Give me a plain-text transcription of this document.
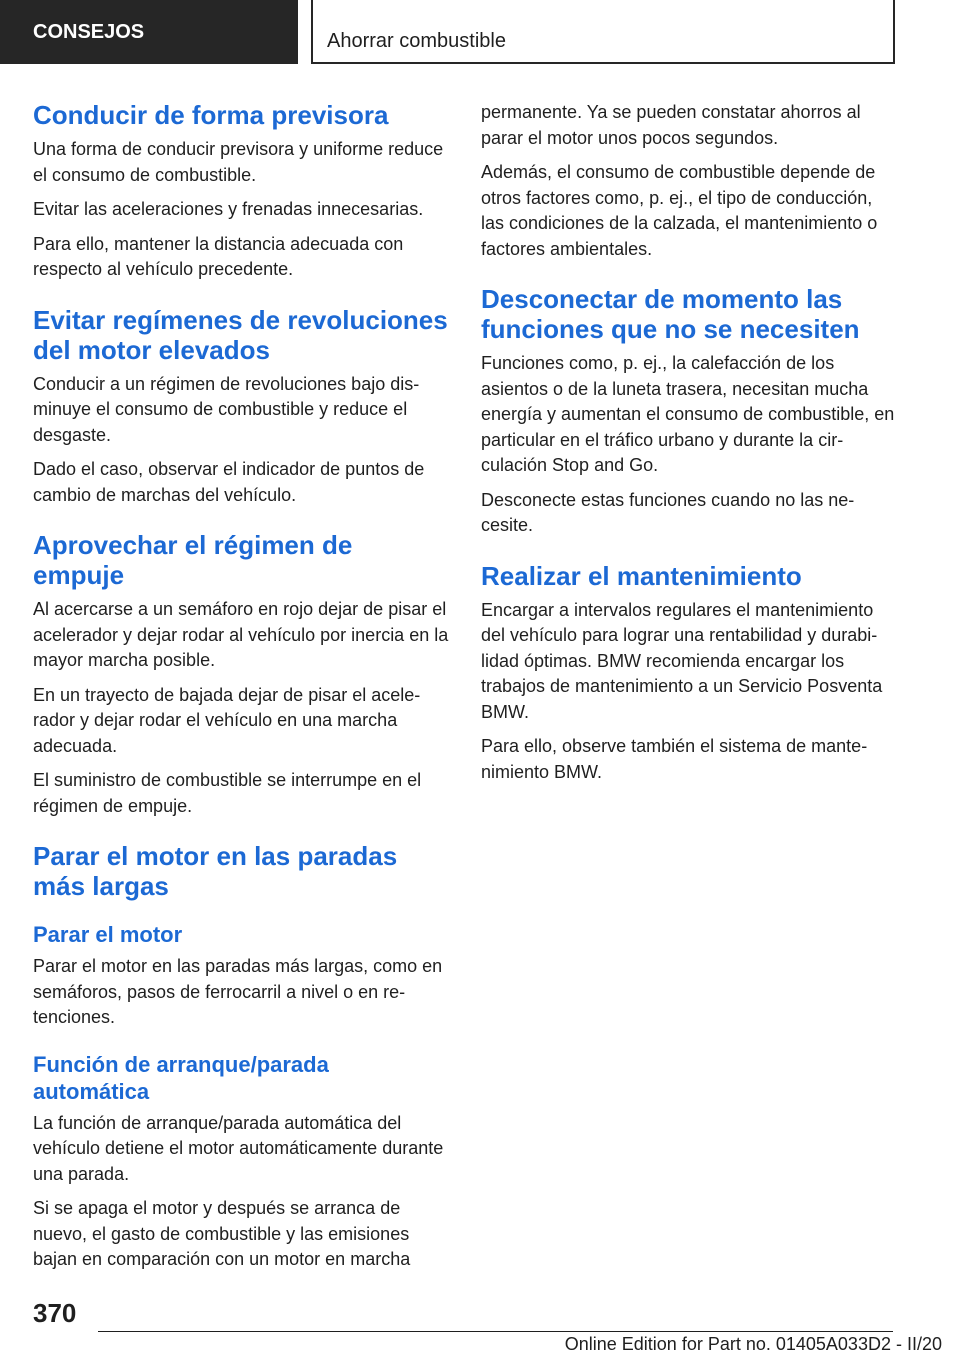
CONSEJOS	Ahorrar combustible
Conducir de forma previsora

Una forma de conducir previsora y uniforme reduce el consumo de combustible.

Evitar las aceleraciones y frenadas innecesarias.

Para ello, mantener la distancia adecuada con respecto al vehículo precedente.

Evitar regímenes de revoluciones del motor elevados

Conducir a un régimen de revoluciones bajo disminuye el consumo de combustible y reduce el desgaste.

Dado el caso, observar el indicador de puntos de cambio de marchas del vehículo.

Aprovechar el régimen de empuje

Al acercarse a un semáforo en rojo dejar de pisar el acelerador y dejar rodar al vehículo por inercia en la mayor marcha posible.

En un trayecto de bajada dejar de pisar el acelerador y dejar rodar el vehículo en una marcha adecuada.

El suministro de combustible se interrumpe en el régimen de empuje.

Parar el motor en las paradas más largas
Parar el motor

Parar el motor en las paradas más largas, como en semáforos, pasos de ferrocarril a nivel o en retenciones.

Función de arranque/parada automática

La función de arranque/parada automática del vehículo detiene el motor automáticamente durante una parada.

Si se apaga el motor y después se arranca de nuevo, el gasto de combustible y las emisiones bajan en comparación con un motor en marcha

permanente. Ya se pueden constatar ahorros al parar el motor unos pocos segundos.

Además, el consumo de combustible depende de otros factores como, p. ej., el tipo de conducción, las condiciones de la calzada, el mantenimiento o factores ambientales.

Desconectar de momento las funciones que no se necesiten

Funciones como, p. ej., la calefacción de los asientos o de la luneta trasera, necesitan mucha energía y aumentan el consumo de combustible, en particular en el tráfico urbano y durante la circulación Stop and Go.

Desconecte estas funciones cuando no las necesite.

Realizar el mantenimiento

Encargar a intervalos regulares el mantenimiento del vehículo para lograr una rentabilidad y durabilidad óptimas. BMW recomienda encargar los trabajos de mantenimiento a un Servicio Posventa BMW.

Para ello, observe también el sistema de mantenimiento BMW.

370
Online Edition for Part no. 01405A033D2 - II/20
